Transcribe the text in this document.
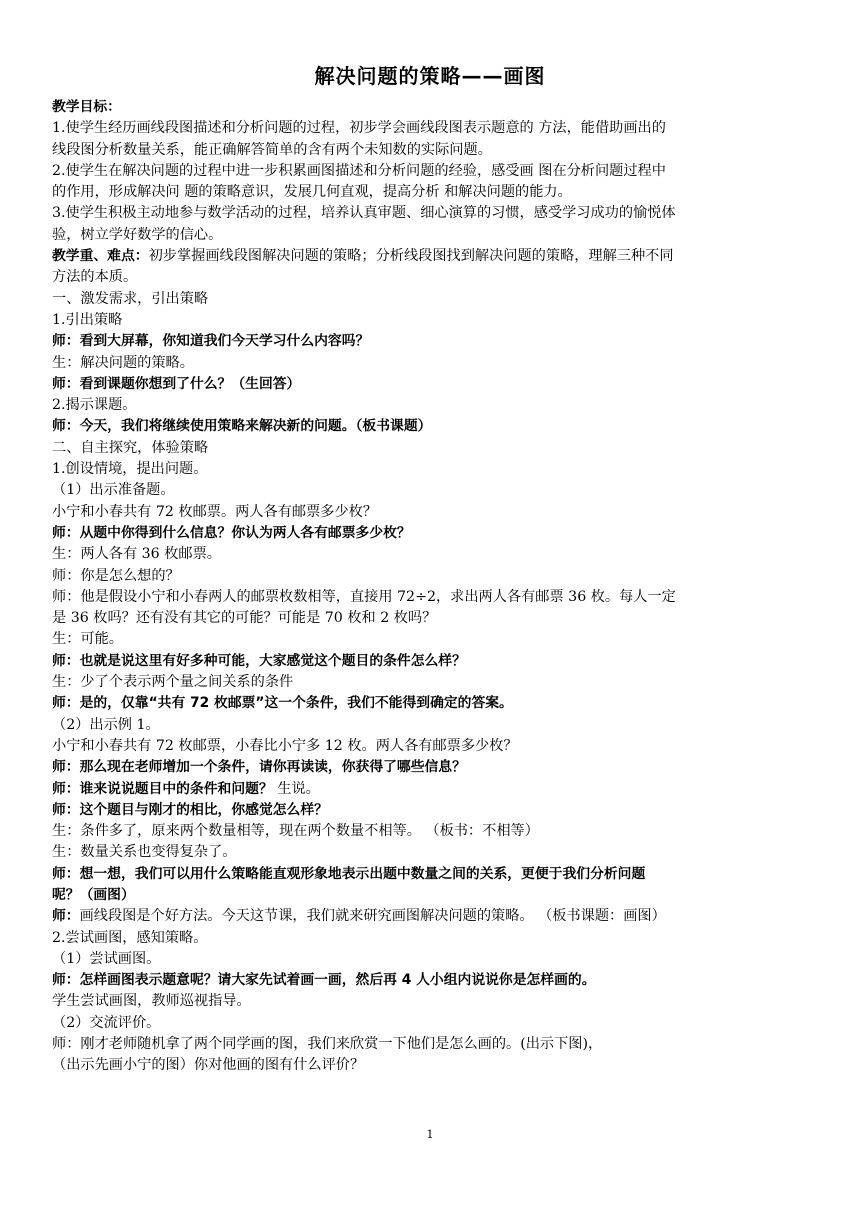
解决问题的策略——画图
教学目标：
1.使学生经历画线段图描述和分析问题的过程，初步学会画线段图表示题意的 方法，能借助画出的
线段图分析数量关系，能正确解答简单的含有两个未知数的实际问题。
2.使学生在解决问题的过程中进一步积累画图描述和分析问题的经验，感受画 图在分析问题过程中
的作用，形成解决问 题的策略意识，发展几何直观，提高分析 和解决问题的能力。
3.使学生积极主动地参与数学活动的过程，培养认真审题、细心演算的习惯，感受学习成功的愉悦体
验，树立学好数学的信心。
教学重、难点：初步掌握画线段图解决问题的策略；分析线段图找到解决问题的策略，理解三种不同
方法的本质。
一、激发需求，引出策略
1.引出策略
师：看到大屏幕，你知道我们今天学习什么内容吗？
生：解决问题的策略。
师：看到课题你想到了什么？（生回答）
2.揭示课题。
师：今天，我们将继续使用策略来解决新的问题。（板书课题）
二、自主探究，体验策略
1.创设情境，提出问题。
（1）出示准备题。
小宁和小春共有 72 枚邮票。两人各有邮票多少枚？
师：从题中你得到什么信息？你认为两人各有邮票多少枚？
生：两人各有 36 枚邮票。
师：你是怎么想的？
师：他是假设小宁和小春两人的邮票枚数相等，直接用 72÷2，求出两人各有邮票 36 枚。每人一定
是 36 枚吗？还有没有其它的可能？可能是 70 枚和 2 枚吗？
生：可能。
师：也就是说这里有好多种可能，大家感觉这个题目的条件怎么样？
生：少了个表示两个量之间关系的条件
师：是的，仅靠“共有 72 枚邮票”这一个条件，我们不能得到确定的答案。
（2）出示例 1。
小宁和小春共有 72 枚邮票，小春比小宁多 12 枚。两人各有邮票多少枚？
师：那么现在老师增加一个条件，请你再读读，你获得了哪些信息？
师：谁来说说题目中的条件和问题？ 生说。
师：这个题目与刚才的相比，你感觉怎么样？
生：条件多了，原来两个数量相等，现在两个数量不相等。 （板书：不相等）
生：数量关系也变得复杂了。
师：想一想，我们可以用什么策略能直观形象地表示出题中数量之间的关系，更便于我们分析问题
呢？（画图）
师：画线段图是个好方法。今天这节课，我们就来研究画图解决问题的策略。 （板书课题：画图）
2.尝试画图，感知策略。
（1）尝试画图。
师：怎样画图表示题意呢？请大家先试着画一画，然后再 4 人小组内说说你是怎样画的。
学生尝试画图，教师巡视指导。
（2）交流评价。
师：刚才老师随机拿了两个同学画的图，我们来欣赏一下他们是怎么画的。(出示下图)，
（出示先画小宁的图）你对他画的图有什么评价？
1
